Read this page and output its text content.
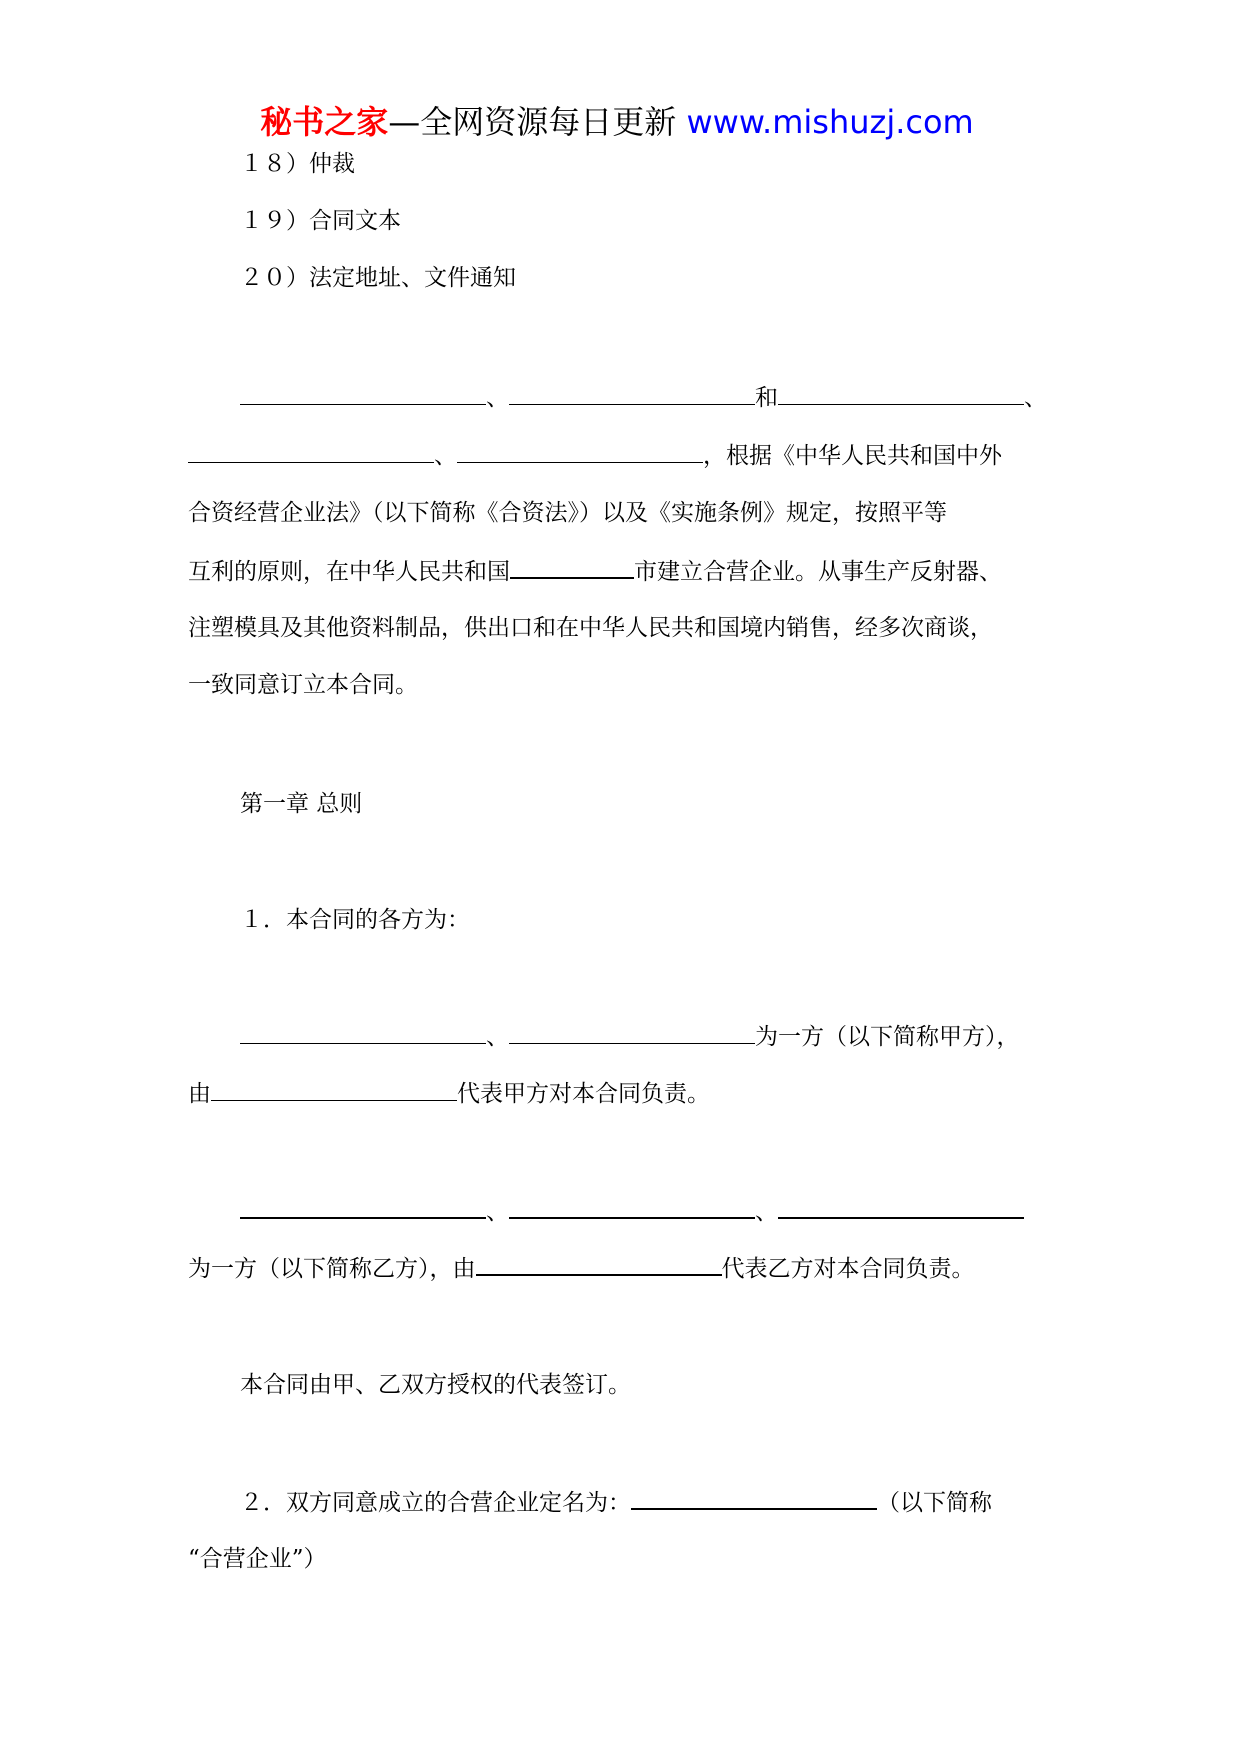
秘书之家—全网资源每日更新 www.mishuzj.com
１８）仲裁
１９）合同文本
２０）法定地址、文件通知
、	和	、
、	，根据《中华人民共和国中外
合资经营企业法》（以下简称《合资法》）以及《实施条例》规定，按照平等
互利的原则，在中华人民共和国	市建立合营企业。从事生产反射器、
注塑模具及其他资料制品，供出口和在中华人民共和国境内销售，经多次商谈，
一致同意订立本合同。
第一章 总则
１．本合同的各方为：
、	为一方（以下简称甲方），
由	代表甲方对本合同负责。
、	、
为一方（以下简称乙方），由	代表乙方对本合同负责。
本合同由甲、乙双方授权的代表签订。
２．双方同意成立的合营企业定名为：	（以下简称
“合营企业”）
